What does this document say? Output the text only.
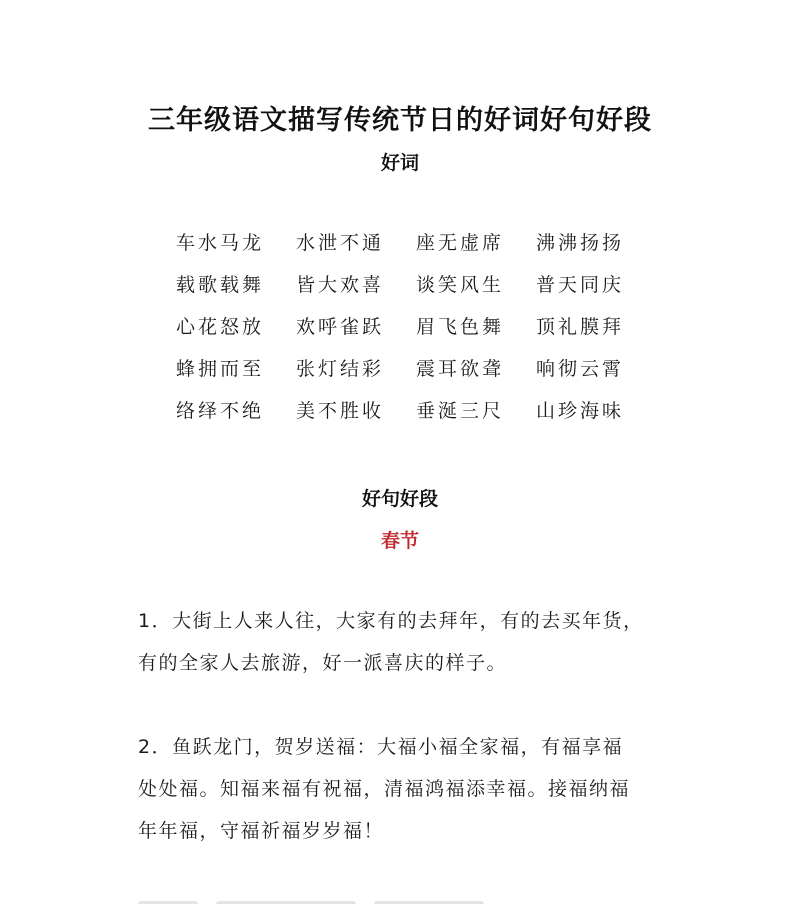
三年级语文描写传统节日的好词好句好段
好词
车水马龙	水泄不通	座无虚席	沸沸扬扬
载歌载舞	皆大欢喜	谈笑风生	普天同庆
心花怒放	欢呼雀跃	眉飞色舞	顶礼膜拜
蜂拥而至	张灯结彩	震耳欲聋	响彻云霄
络绎不绝	美不胜收	垂涎三尺	山珍海味
好句好段
春节
1．大街上人来人往，大家有的去拜年，有的去买年货，
有的全家人去旅游，好一派喜庆的样子。
2．鱼跃龙门，贺岁送福：大福小福全家福，有福享福
处处福。知福来福有祝福，清福鸿福添幸福。接福纳福
年年福，守福祈福岁岁福！
